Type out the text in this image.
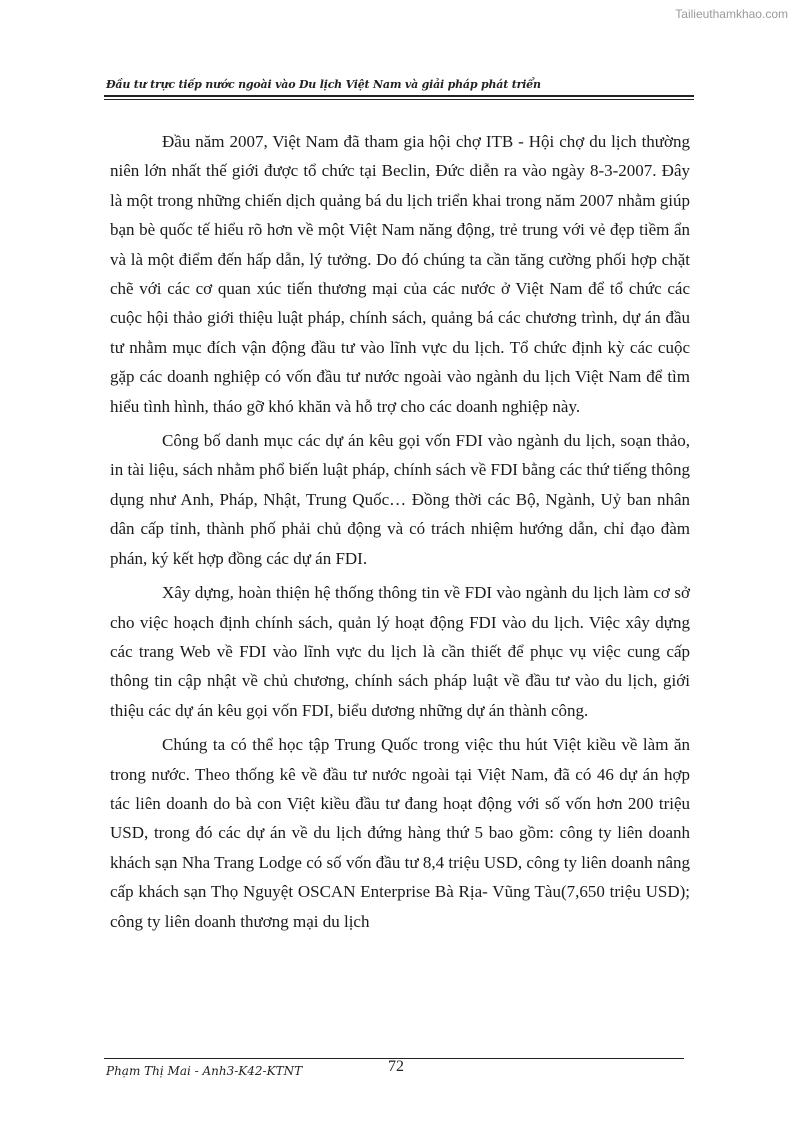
Tailieuthamkhao.com
Đầu tư trực tiếp nước ngoài vào Du lịch Việt Nam và giải pháp phát triển

Đầu năm 2007, Việt Nam đã tham gia hội chợ ITB - Hội chợ du lịch thường niên lớn nhất thế giới được tổ chức tại Beclin, Đức diễn ra vào ngày 8-3-2007. Đây là một trong những chiến dịch quảng bá du lịch triển khai trong năm 2007 nhằm giúp bạn bè quốc tế hiểu rõ hơn về một Việt Nam năng động, trẻ trung với vẻ đẹp tiềm ẩn và là một điểm đến hấp dẫn, lý tưởng. Do đó chúng ta cần tăng cường phối hợp chặt chẽ với các cơ quan xúc tiến thương mại của các nước ở Việt Nam để tổ chức các cuộc hội thảo giới thiệu luật pháp, chính sách, quảng bá các chương trình, dự án đầu tư nhằm mục đích vận động đầu tư vào lĩnh vực du lịch. Tổ chức định kỳ các cuộc gặp các doanh nghiệp có vốn đầu tư nước ngoài vào ngành du lịch Việt Nam để tìm hiểu tình hình, tháo gỡ khó khăn và hỗ trợ cho các doanh nghiệp này.

Công bố danh mục các dự án kêu gọi vốn FDI vào ngành du lịch, soạn thảo, in tài liệu, sách nhằm phổ biến luật pháp, chính sách về FDI bằng các thứ tiếng thông dụng như Anh, Pháp, Nhật, Trung Quốc… Đồng thời các Bộ, Ngành, Uỷ ban nhân dân cấp tỉnh, thành phố phải chủ động và có trách nhiệm hướng dẫn, chỉ đạo đàm phán, ký kết hợp đồng các dự án FDI.

Xây dựng, hoàn thiện hệ thống thông tin về FDI vào ngành du lịch làm cơ sở cho việc hoạch định chính sách, quản lý hoạt động FDI vào du lịch. Việc xây dựng các trang Web về FDI vào lĩnh vực du lịch là cần thiết để phục vụ việc cung cấp thông tin cập nhật về chủ chương, chính sách pháp luật về đầu tư vào du lịch, giới thiệu các dự án kêu gọi vốn FDI, biểu dương những dự án thành công.

Chúng ta có thể học tập Trung Quốc trong việc thu hút Việt kiều về làm ăn trong nước. Theo thống kê về đầu tư nước ngoài tại Việt Nam, đã có 46 dự án hợp tác liên doanh do bà con Việt kiều đầu tư đang hoạt động với số vốn hơn 200 triệu USD, trong đó các dự án về du lịch đứng hàng thứ 5 bao gồm: công ty liên doanh khách sạn Nha Trang Lodge có số vốn đầu tư 8,4 triệu USD, công ty liên doanh nâng cấp khách sạn Thọ Nguyệt OSCAN Enterprise Bà Rịa- Vũng Tàu(7,650 triệu USD); công ty liên doanh thương mại du lịch

Phạm Thị Mai - Anh3-K42-KTNT	72
